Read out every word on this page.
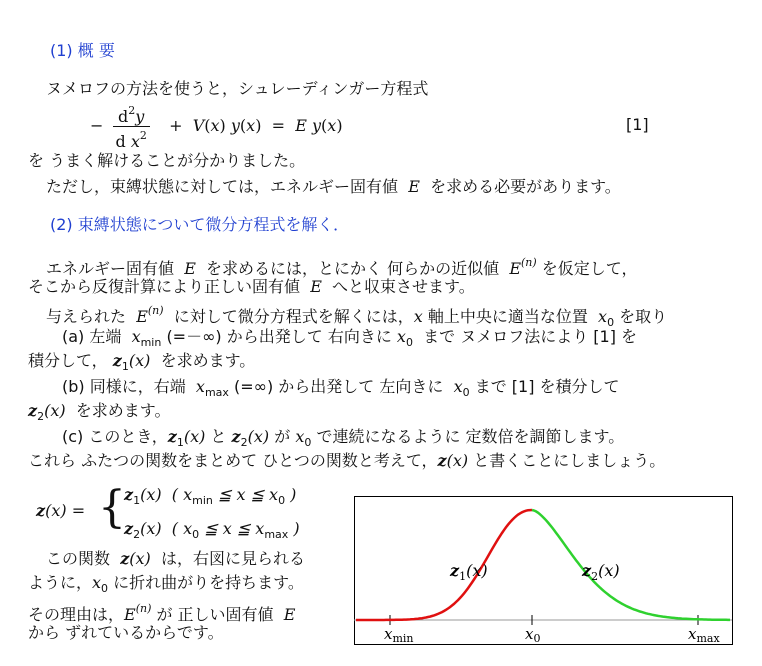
(1) 概 要
ヌメロフの方法を使うと，シュレーディンガー方程式
− $\frac{d^2y}{d x^2} + V(x) y(x) = E$ y(x)	[1]
を うまく解けることが分かりました。
ただし，束縛状態に対しては，エネルギー固有値  E  を求める必要があります。
(2) 束縛状態について微分方程式を解く．
エネルギー固有値  E  を求めるには，とにかく 何らかの近似値  $E^{(n)}$ を仮定して，
そこから反復計算により正しい固有値  E  へと収束させます。
与えられた  $E^{(n)}$ に対して微分方程式を解くには，x 軸上中央に適当な位置  $x_0$ を取り
(a) 左端  $x_{min}$ (=－∞) から出発して 右向きに $x_0$ まで ヌメロフ法により [1] を
積分して， $z_1(x)$  を求めます。
(b) 同様に，右端  $x_{max}$ (=∞) から出発して 左向きに  $x_0$ まで [1] を積分して
$z_2(x)$  を求めます。
(c) このとき，$z_1(x)$ と $z_2(x)$ が $x_0$ で連続になるように 定数倍を調節します。
これら ふたつの関数をまとめて ひとつの関数と考えて，z(x) と書くことにしましょう。
z(x) = {
$z_1(x)$  ( $x_{min}$ ≦ x ≦ $x_0$ )
$z_2(x)$  ( $x_0$ ≦ x ≦ $x_{max}$ )
この関数 z(x)  は，右図に見られる
ように，$x_0$ に折れ曲がりを持ちます。
その理由は，$E^{(n)}$ が 正しい固有値  E
から ずれているからです。
$z_1(x)$	$z_2(x)$
$x_{min}$	$x_0$	$x_{max}$
